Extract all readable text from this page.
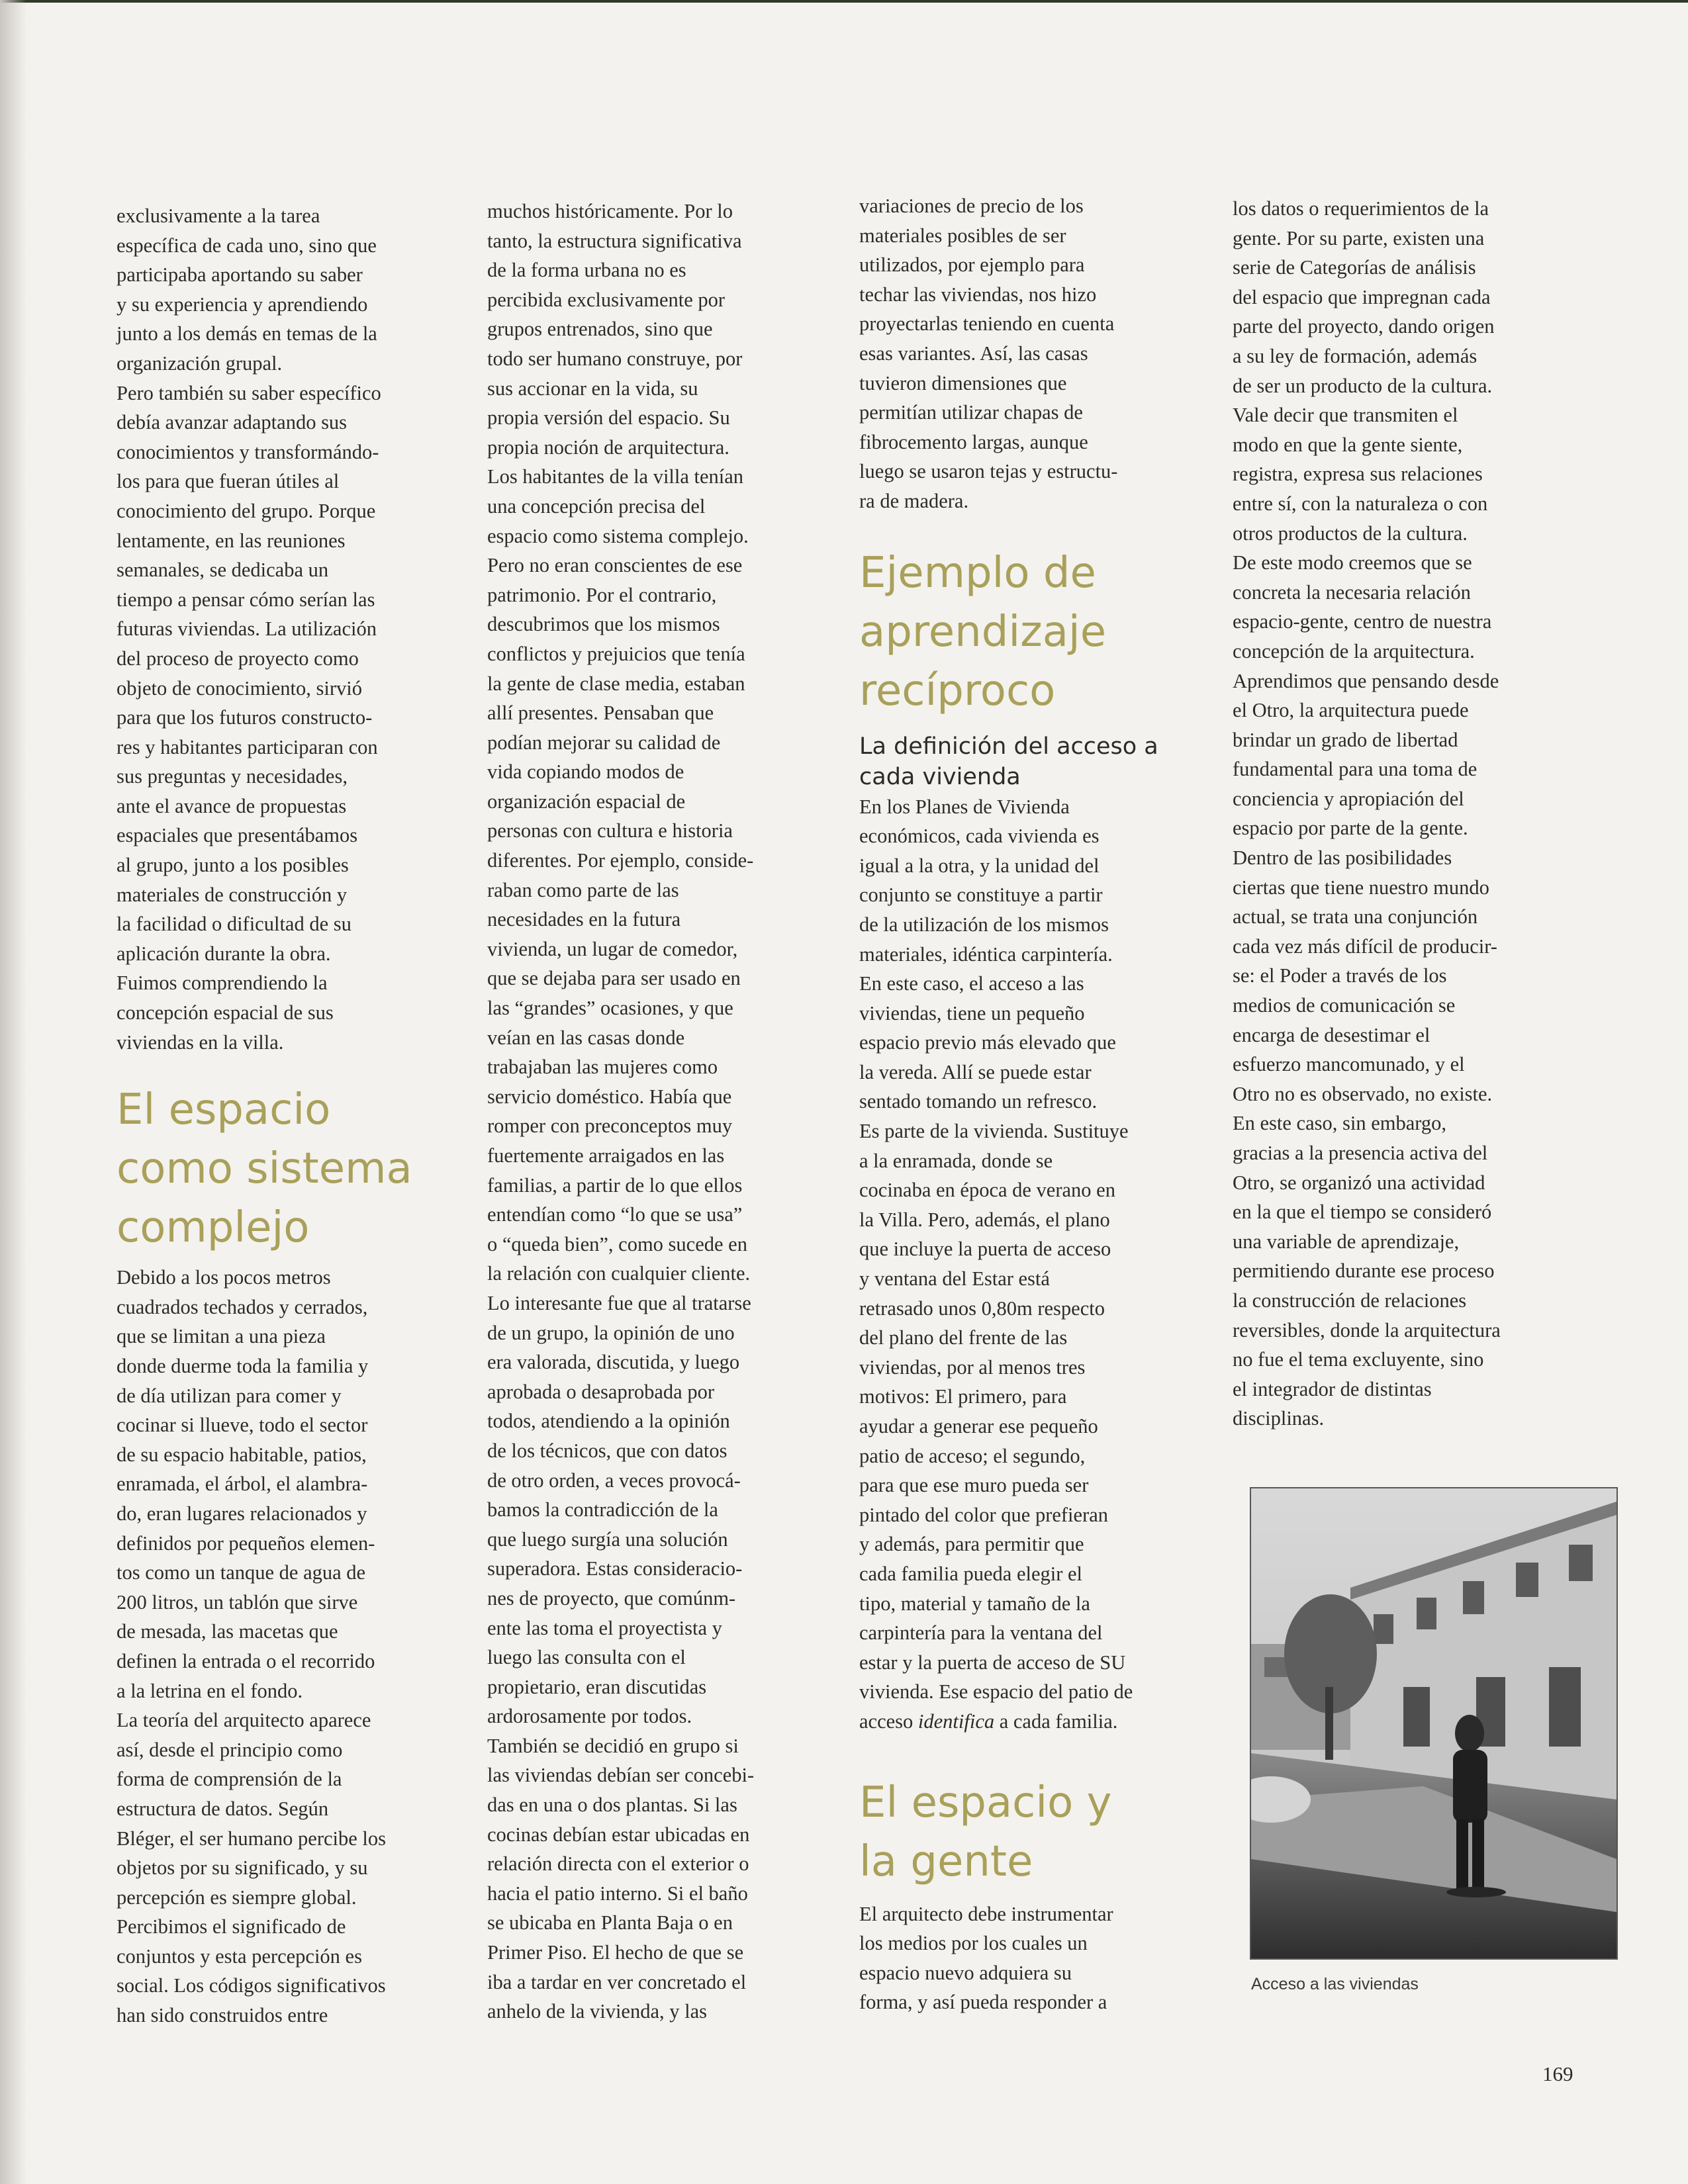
exclusivamente a la tarea
específica de cada uno, sino que
participaba aportando su saber
y su experiencia y aprendiendo
junto a los demás en temas de la
organización grupal.

Pero también su saber específico
debía avanzar adaptando sus
conocimientos y transformándo-
los para que fueran útiles al
conocimiento del grupo. Porque
lentamente, en las reuniones
semanales, se dedicaba un
tiempo a pensar cómo serían las
futuras viviendas. La utilización
del proceso de proyecto como
objeto de conocimiento, sirvió
para que los futuros constructo-
res y habitantes participaran con
sus preguntas y necesidades,
ante el avance de propuestas
espaciales que presentábamos
al grupo, junto a los posibles
materiales de construcción y
la facilidad o dificultad de su
aplicación durante la obra.

Fuimos comprendiendo la
concepción espacial de sus
viviendas en la villa.

El espacio
como sistema
complejo

Debido a los pocos metros
cuadrados techados y cerrados,
que se limitan a una pieza
donde duerme toda la familia y
de día utilizan para comer y
cocinar si llueve, todo el sector
de su espacio habitable, patios,
enramada, el árbol, el alambra-
do, eran lugares relacionados y
definidos por pequeños elemen-
tos como un tanque de agua de
200 litros, un tablón que sirve
de mesada, las macetas que
definen la entrada o el recorrido
a la letrina en el fondo.

La teoría del arquitecto aparece
así, desde el principio como
forma de comprensión de la
estructura de datos. Según
Bléger, el ser humano percibe los
objetos por su significado, y su
percepción es siempre global.
Percibimos el significado de
conjuntos y esta percepción es
social. Los códigos significativos
han sido construidos entre

muchos históricamente. Por lo
tanto, la estructura significativa
de la forma urbana no es
percibida exclusivamente por
grupos entrenados, sino que
todo ser humano construye, por
sus accionar en la vida, su
propia versión del espacio. Su
propia noción de arquitectura.

Los habitantes de la villa tenían
una concepción precisa del
espacio como sistema complejo.

Pero no eran conscientes de ese
patrimonio. Por el contrario,
descubrimos que los mismos
conflictos y prejuicios que tenía
la gente de clase media, estaban
allí presentes. Pensaban que
podían mejorar su calidad de
vida copiando modos de
organización espacial de
personas con cultura e historia
diferentes. Por ejemplo, conside-
raban como parte de las
necesidades en la futura
vivienda, un lugar de comedor,
que se dejaba para ser usado en
las “grandes” ocasiones, y que
veían en las casas donde
trabajaban las mujeres como
servicio doméstico. Había que
romper con preconceptos muy
fuertemente arraigados en las
familias, a partir de lo que ellos
entendían como “lo que se usa”
o “queda bien”, como sucede en
la relación con cualquier cliente.

Lo interesante fue que al tratarse
de un grupo, la opinión de uno
era valorada, discutida, y luego
aprobada o desaprobada por
todos, atendiendo a la opinión
de los técnicos, que con datos
de otro orden, a veces provocá-
bamos la contradicción de la
que luego surgía una solución
superadora. Estas consideracio-
nes de proyecto, que comúnm-
ente las toma el proyectista y
luego las consulta con el
propietario, eran discutidas
ardorosamente por todos.

También se decidió en grupo si
las viviendas debían ser concebi-
das en una o dos plantas. Si las
cocinas debían estar ubicadas en
relación directa con el exterior o
hacia el patio interno. Si el baño
se ubicaba en Planta Baja o en
Primer Piso. El hecho de que se
iba a tardar en ver concretado el
anhelo de la vivienda, y las

variaciones de precio de los
materiales posibles de ser
utilizados, por ejemplo para
techar las viviendas, nos hizo
proyectarlas teniendo en cuenta
esas variantes. Así, las casas
tuvieron dimensiones que
permitían utilizar chapas de
fibrocemento largas, aunque
luego se usaron tejas y estructu-
ra de madera.

Ejemplo de
aprendizaje
recíproco
La definición del acceso a
cada vivienda

En los Planes de Vivienda
económicos, cada vivienda es
igual a la otra, y la unidad del
conjunto se constituye a partir
de la utilización de los mismos
materiales, idéntica carpintería.
En este caso, el acceso a las
viviendas, tiene un pequeño
espacio previo más elevado que
la vereda. Allí se puede estar
sentado tomando un refresco.
Es parte de la vivienda. Sustituye
a la enramada, donde se
cocinaba en época de verano en
la Villa. Pero, además, el plano
que incluye la puerta de acceso
y ventana del Estar está
retrasado unos 0,80m respecto
del plano del frente de las
viviendas, por al menos tres
motivos: El primero, para
ayudar a generar ese pequeño
patio de acceso; el segundo,
para que ese muro pueda ser
pintado del color que prefieran
y además, para permitir que
cada familia pueda elegir el
tipo, material y tamaño de la
carpintería para la ventana del
estar y la puerta de acceso de SU
vivienda. Ese espacio del patio de
acceso identifica a cada familia.

El espacio y
la gente

El arquitecto debe instrumentar
los medios por los cuales un
espacio nuevo adquiera su
forma, y así pueda responder a

los datos o requerimientos de la
gente. Por su parte, existen una
serie de Categorías de análisis
del espacio que impregnan cada
parte del proyecto, dando origen
a su ley de formación, además
de ser un producto de la cultura.
Vale decir que transmiten el
modo en que la gente siente,
registra, expresa sus relaciones
entre sí, con la naturaleza o con
otros productos de la cultura.

De este modo creemos que se
concreta la necesaria relación
espacio-gente, centro de nuestra
concepción de la arquitectura.

Aprendimos que pensando desde
el Otro, la arquitectura puede
brindar un grado de libertad
fundamental para una toma de
conciencia y apropiación del
espacio por parte de la gente.

Dentro de las posibilidades
ciertas que tiene nuestro mundo
actual, se trata una conjunción
cada vez más difícil de producir-
se: el Poder a través de los
medios de comunicación se
encarga de desestimar el
esfuerzo mancomunado, y el
Otro no es observado, no existe.

En este caso, sin embargo,
gracias a la presencia activa del
Otro, se organizó una actividad
en la que el tiempo se consideró
una variable de aprendizaje,
permitiendo durante ese proceso
la construcción de relaciones
reversibles, donde la arquitectura
no fue el tema excluyente, sino
el integrador de distintas
disciplinas.

Acceso a las viviendas
169
